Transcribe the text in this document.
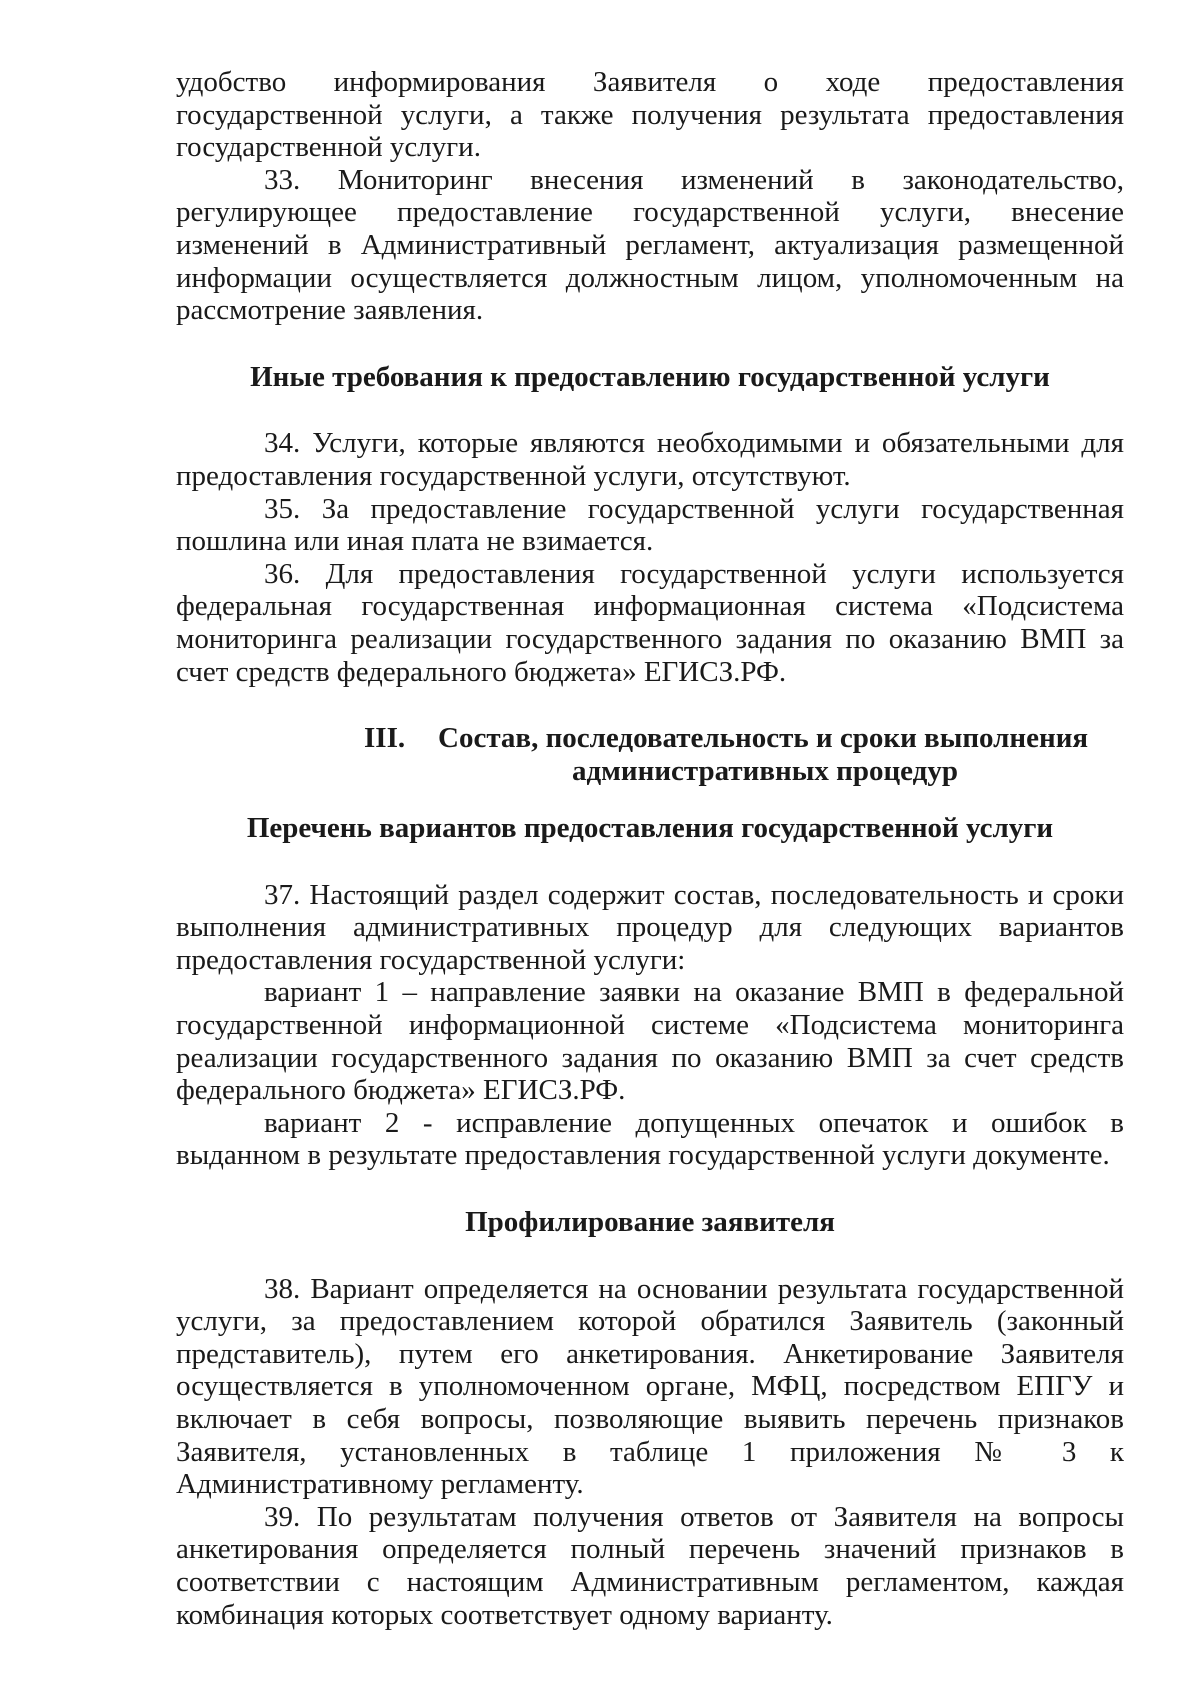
удобство информирования Заявителя о ходе предоставления государственной услуги, а также получения результата предоставления государственной услуги.

33. Мониторинг внесения изменений в законодательство, регулирующее предоставление государственной услуги, внесение изменений в Административный регламент, актуализация размещенной информации осуществляется должностным лицом, уполномоченным на рассмотрение заявления.

Иные требования к предоставлению государственной услуги

34. Услуги, которые являются необходимыми и обязательными для предоставления государственной услуги, отсутствуют.

35. За предоставление государственной услуги государственная пошлина или иная плата не взимается.

36. Для предоставления государственной услуги используется федеральная государственная информационная система «Подсистема мониторинга реализации государственного задания по оказанию ВМП за счет средств федерального бюджета» ЕГИСЗ.РФ.

III. Состав, последовательность и сроки выполнения
административных процедур

Перечень вариантов предоставления государственной услуги

37. Настоящий раздел содержит состав, последовательность и сроки выполнения административных процедур для следующих вариантов предоставления государственной услуги:

вариант 1 – направление заявки на оказание ВМП в федеральной государственной информационной системе «Подсистема мониторинга реализации государственного задания по оказанию ВМП за счет средств федерального бюджета» ЕГИСЗ.РФ.

вариант 2 - исправление допущенных опечаток и ошибок в выданном в результате предоставления государственной услуги документе.

Профилирование заявителя

38. Вариант определяется на основании результата государственной услуги, за предоставлением которой обратился Заявитель (законный представитель), путем его анкетирования. Анкетирование Заявителя осуществляется в уполномоченном органе, МФЦ, посредством ЕПГУ и включает в себя вопросы, позволяющие выявить перечень признаков Заявителя, установленных в таблице 1 приложения № 3 к Административному регламенту.

39. По результатам получения ответов от Заявителя на вопросы анкетирования определяется полный перечень значений признаков в соответствии с настоящим Административным регламентом, каждая комбинация которых соответствует одному варианту.
